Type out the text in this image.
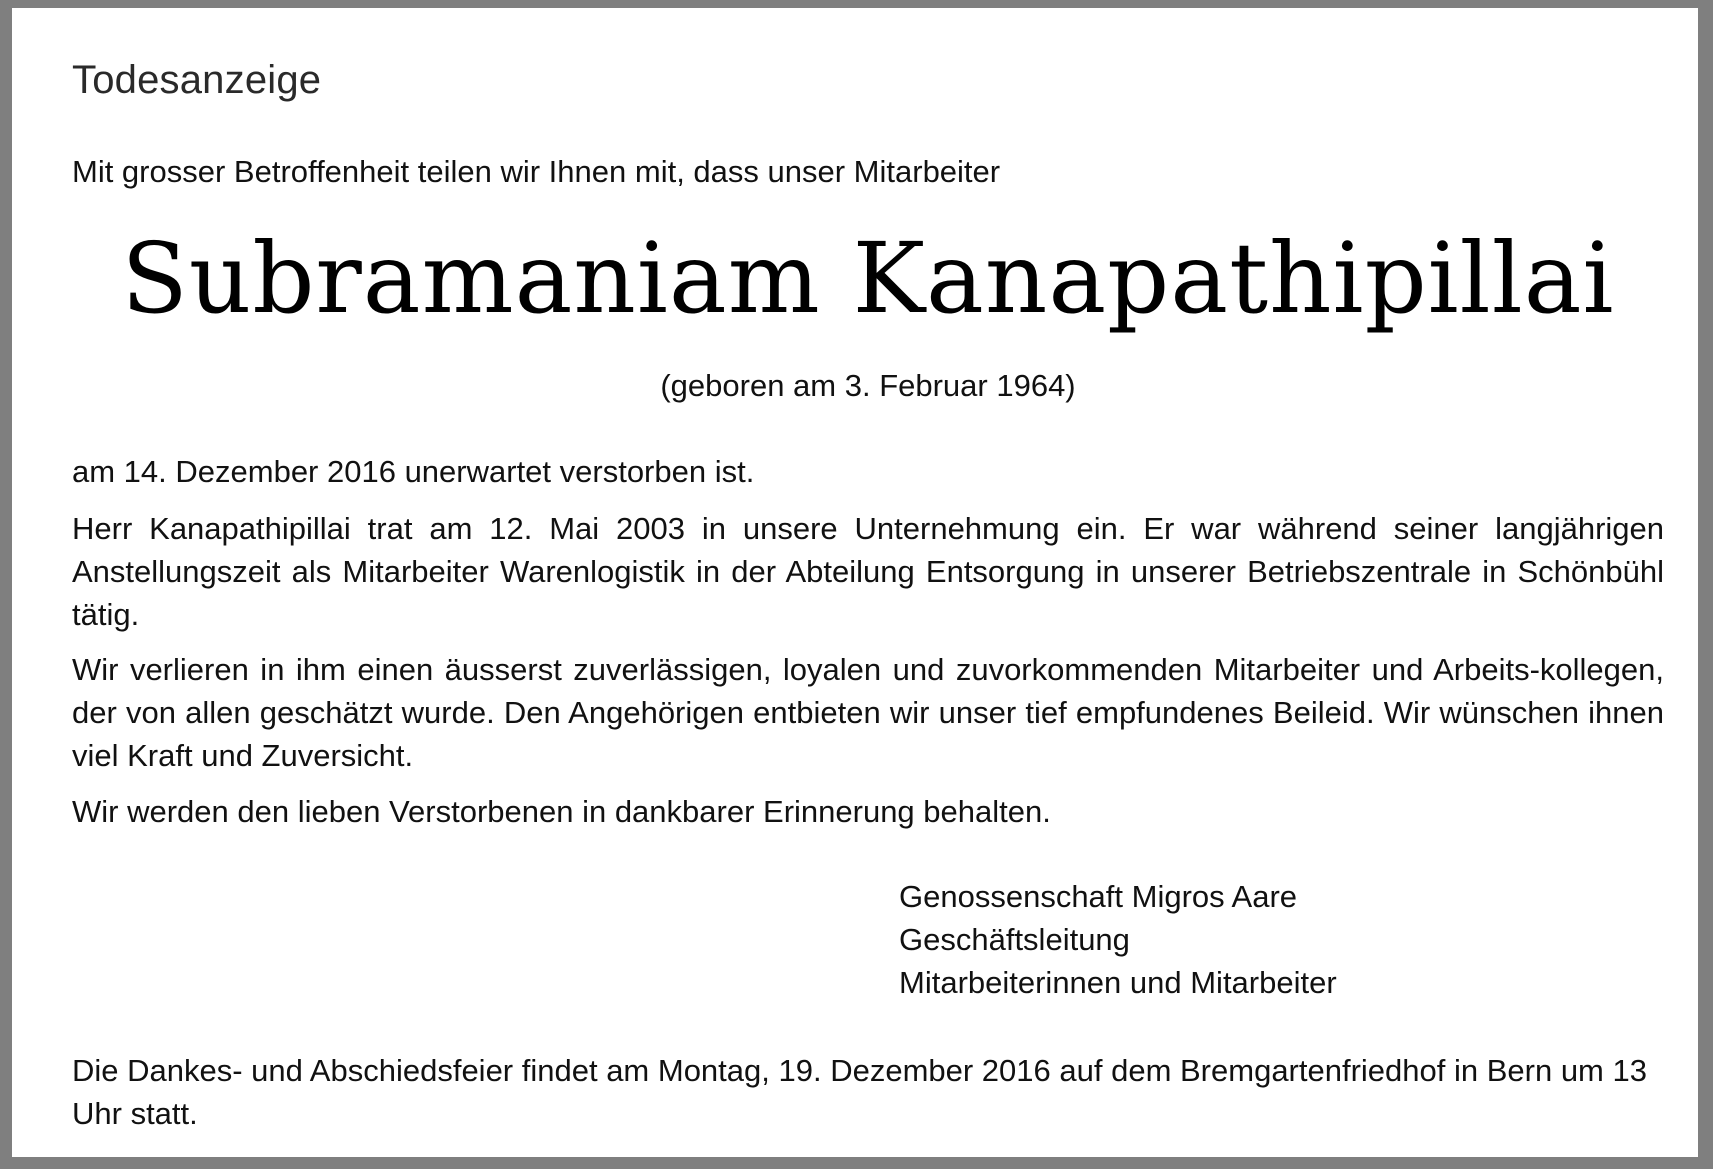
Todesanzeige
Mit grosser Betroffenheit teilen wir Ihnen mit, dass unser Mitarbeiter
Subramaniam Kanapathipillai
(geboren am 3. Februar 1964)

am 14. Dezember 2016 unerwartet verstorben ist.

Herr Kanapathipillai trat am 12. Mai 2003 in unsere Unternehmung ein. Er war während seiner langjährigen Anstellungszeit als Mitarbeiter Warenlogistik in der Abteilung Entsorgung in unserer Betriebszentrale in Schönbühl tätig.

Wir verlieren in ihm einen äusserst zuverlässigen, loyalen und zuvorkommenden Mitarbeiter und Arbeits-kollegen, der von allen geschätzt wurde. Den Angehörigen entbieten wir unser tief empfundenes Beileid. Wir wünschen ihnen viel Kraft und Zuversicht.

Wir werden den lieben Verstorbenen in dankbarer Erinnerung behalten.

Genossenschaft Migros Aare
Geschäftsleitung
Mitarbeiterinnen und Mitarbeiter

Die Dankes- und Abschiedsfeier findet am Montag, 19. Dezember 2016 auf dem Bremgartenfriedhof in Bern um 13 Uhr statt.
